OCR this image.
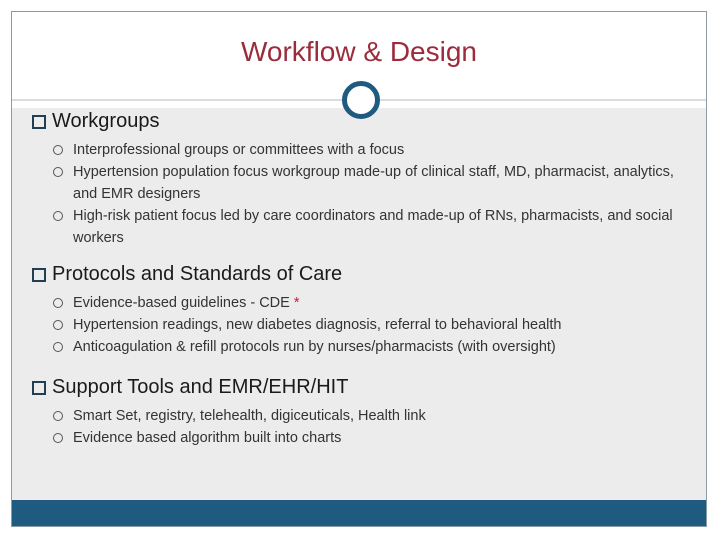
Workflow & Design
Workgroups
Interprofessional groups or committees with a focus
Hypertension population focus workgroup made-up of clinical staff, MD, pharmacist, analytics, and EMR designers
High-risk patient focus led by care coordinators and made-up of RNs, pharmacists, and social workers
Protocols and Standards of Care
Evidence-based guidelines - CDE *
Hypertension readings, new diabetes diagnosis, referral to behavioral health
Anticoagulation & refill protocols run by nurses/pharmacists (with oversight)
Support Tools and EMR/EHR/HIT
Smart Set, registry, telehealth, digiceuticals, Health link
Evidence based algorithm built into charts
